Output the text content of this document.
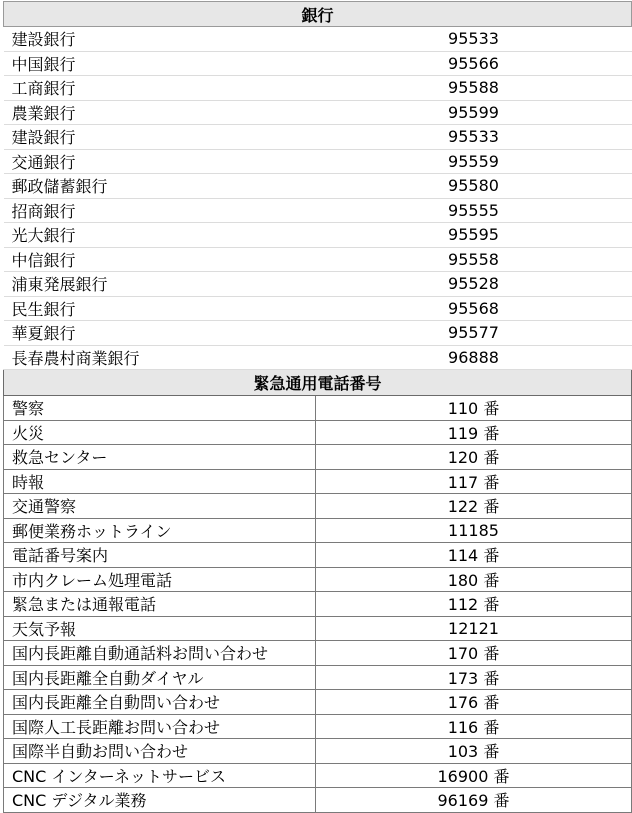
銀行	
建設銀行	95533
中国銀行	95566
工商銀行	95588
農業銀行	95599
建設銀行	95533
交通銀行	95559
郵政儲蓄銀行	95580
招商銀行	95555
光大銀行	95595
中信銀行	95558
浦東発展銀行	95528
民生銀行	95568
華夏銀行	95577
長春農村商業銀行	96888
緊急通用電話番号	
警察	110 番
火災	119 番
救急センター	120 番
時報	117 番
交通警察	122 番
郵便業務ホットライン	11185
電話番号案内	114 番
市内クレーム処理電話	180 番
緊急または通報電話	112 番
天気予報	12121
国内長距離自動通話料お問い合わせ	170 番
国内長距離全自動ダイヤル	173 番
国内長距離全自動問い合わせ	176 番
国際人工長距離お問い合わせ	116 番
国際半自動お問い合わせ	103 番
CNC インターネットサービス	16900 番
CNC デジタル業務	96169 番
